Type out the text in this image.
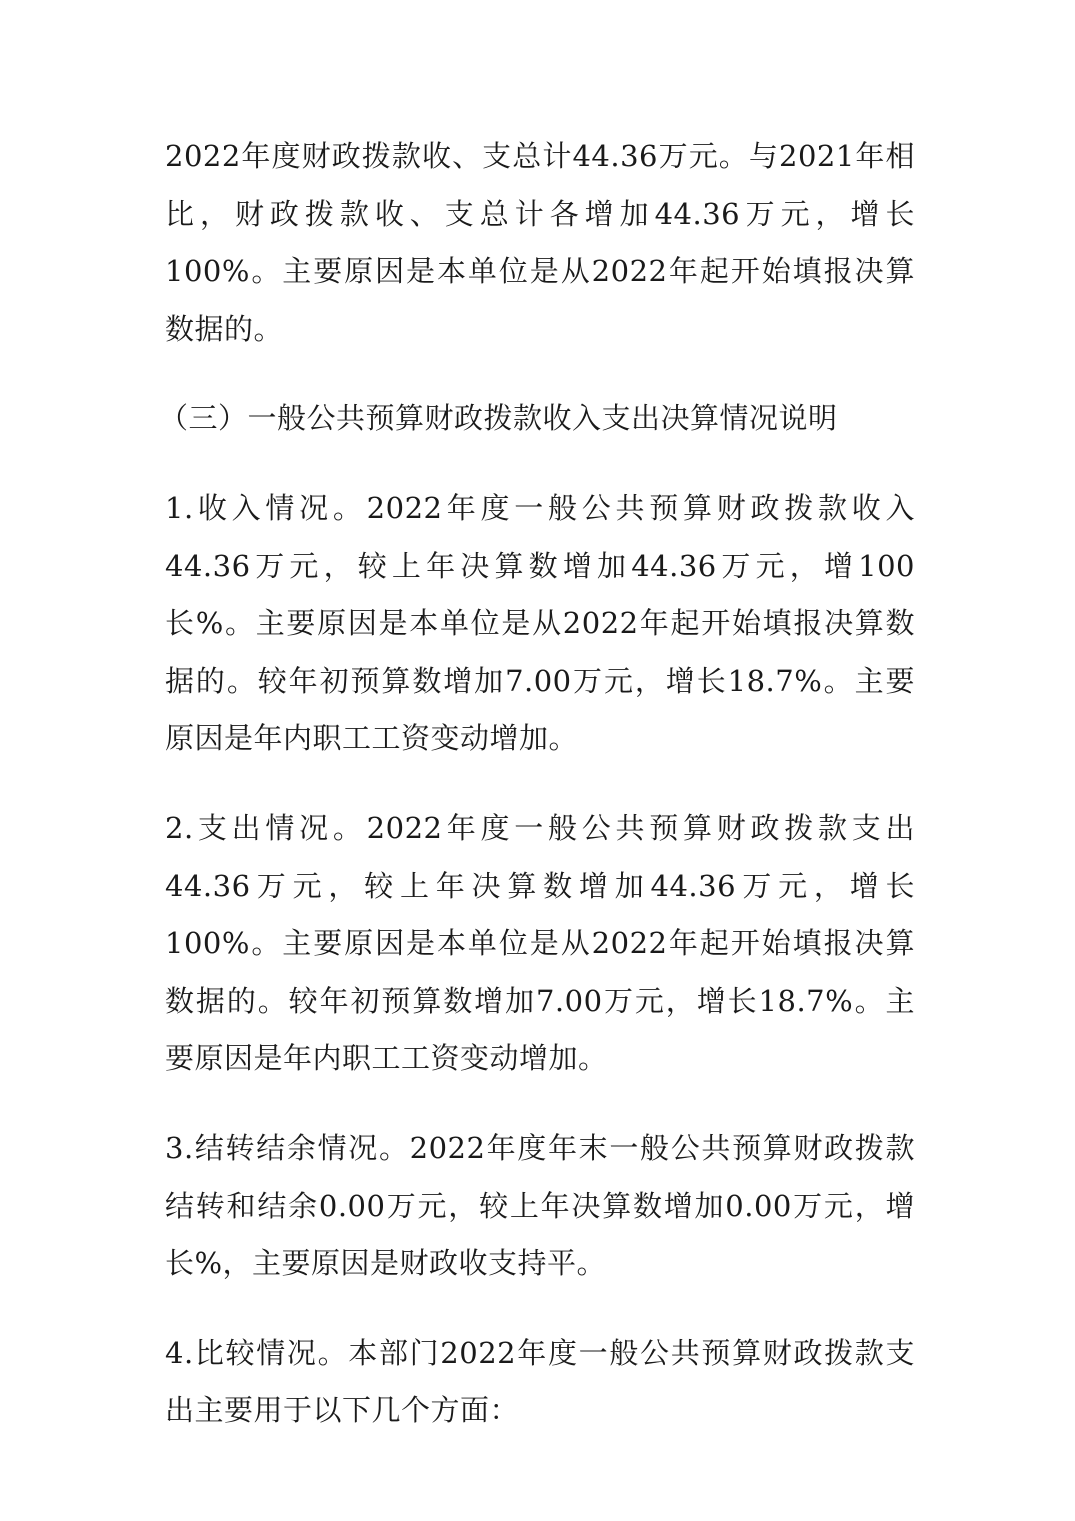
2022年度财政拨款收、支总计44.36万元。与2021年相比，财政拨款收、支总计各增加44.36万元，增长100%。主要原因是本单位是从2022年起开始填报决算数据的。

（三）一般公共预算财政拨款收入支出决算情况说明

1.收入情况。2022年度一般公共预算财政拨款收入44.36万元，较上年决算数增加44.36万元，增100长%。主要原因是本单位是从2022年起开始填报决算数据的。较年初预算数增加7.00万元，增长18.7%。主要原因是年内职工工资变动增加。

2.支出情况。2022年度一般公共预算财政拨款支出44.36万元，较上年决算数增加44.36万元，增长100%。主要原因是本单位是从2022年起开始填报决算数据的。较年初预算数增加7.00万元，增长18.7%。主要原因是年内职工工资变动增加。

3.结转结余情况。2022年度年末一般公共预算财政拨款结转和结余0.00万元，较上年决算数增加0.00万元，增长%，主要原因是财政收支持平。

4.比较情况。本部门2022年度一般公共预算财政拨款支出主要用于以下几个方面：
